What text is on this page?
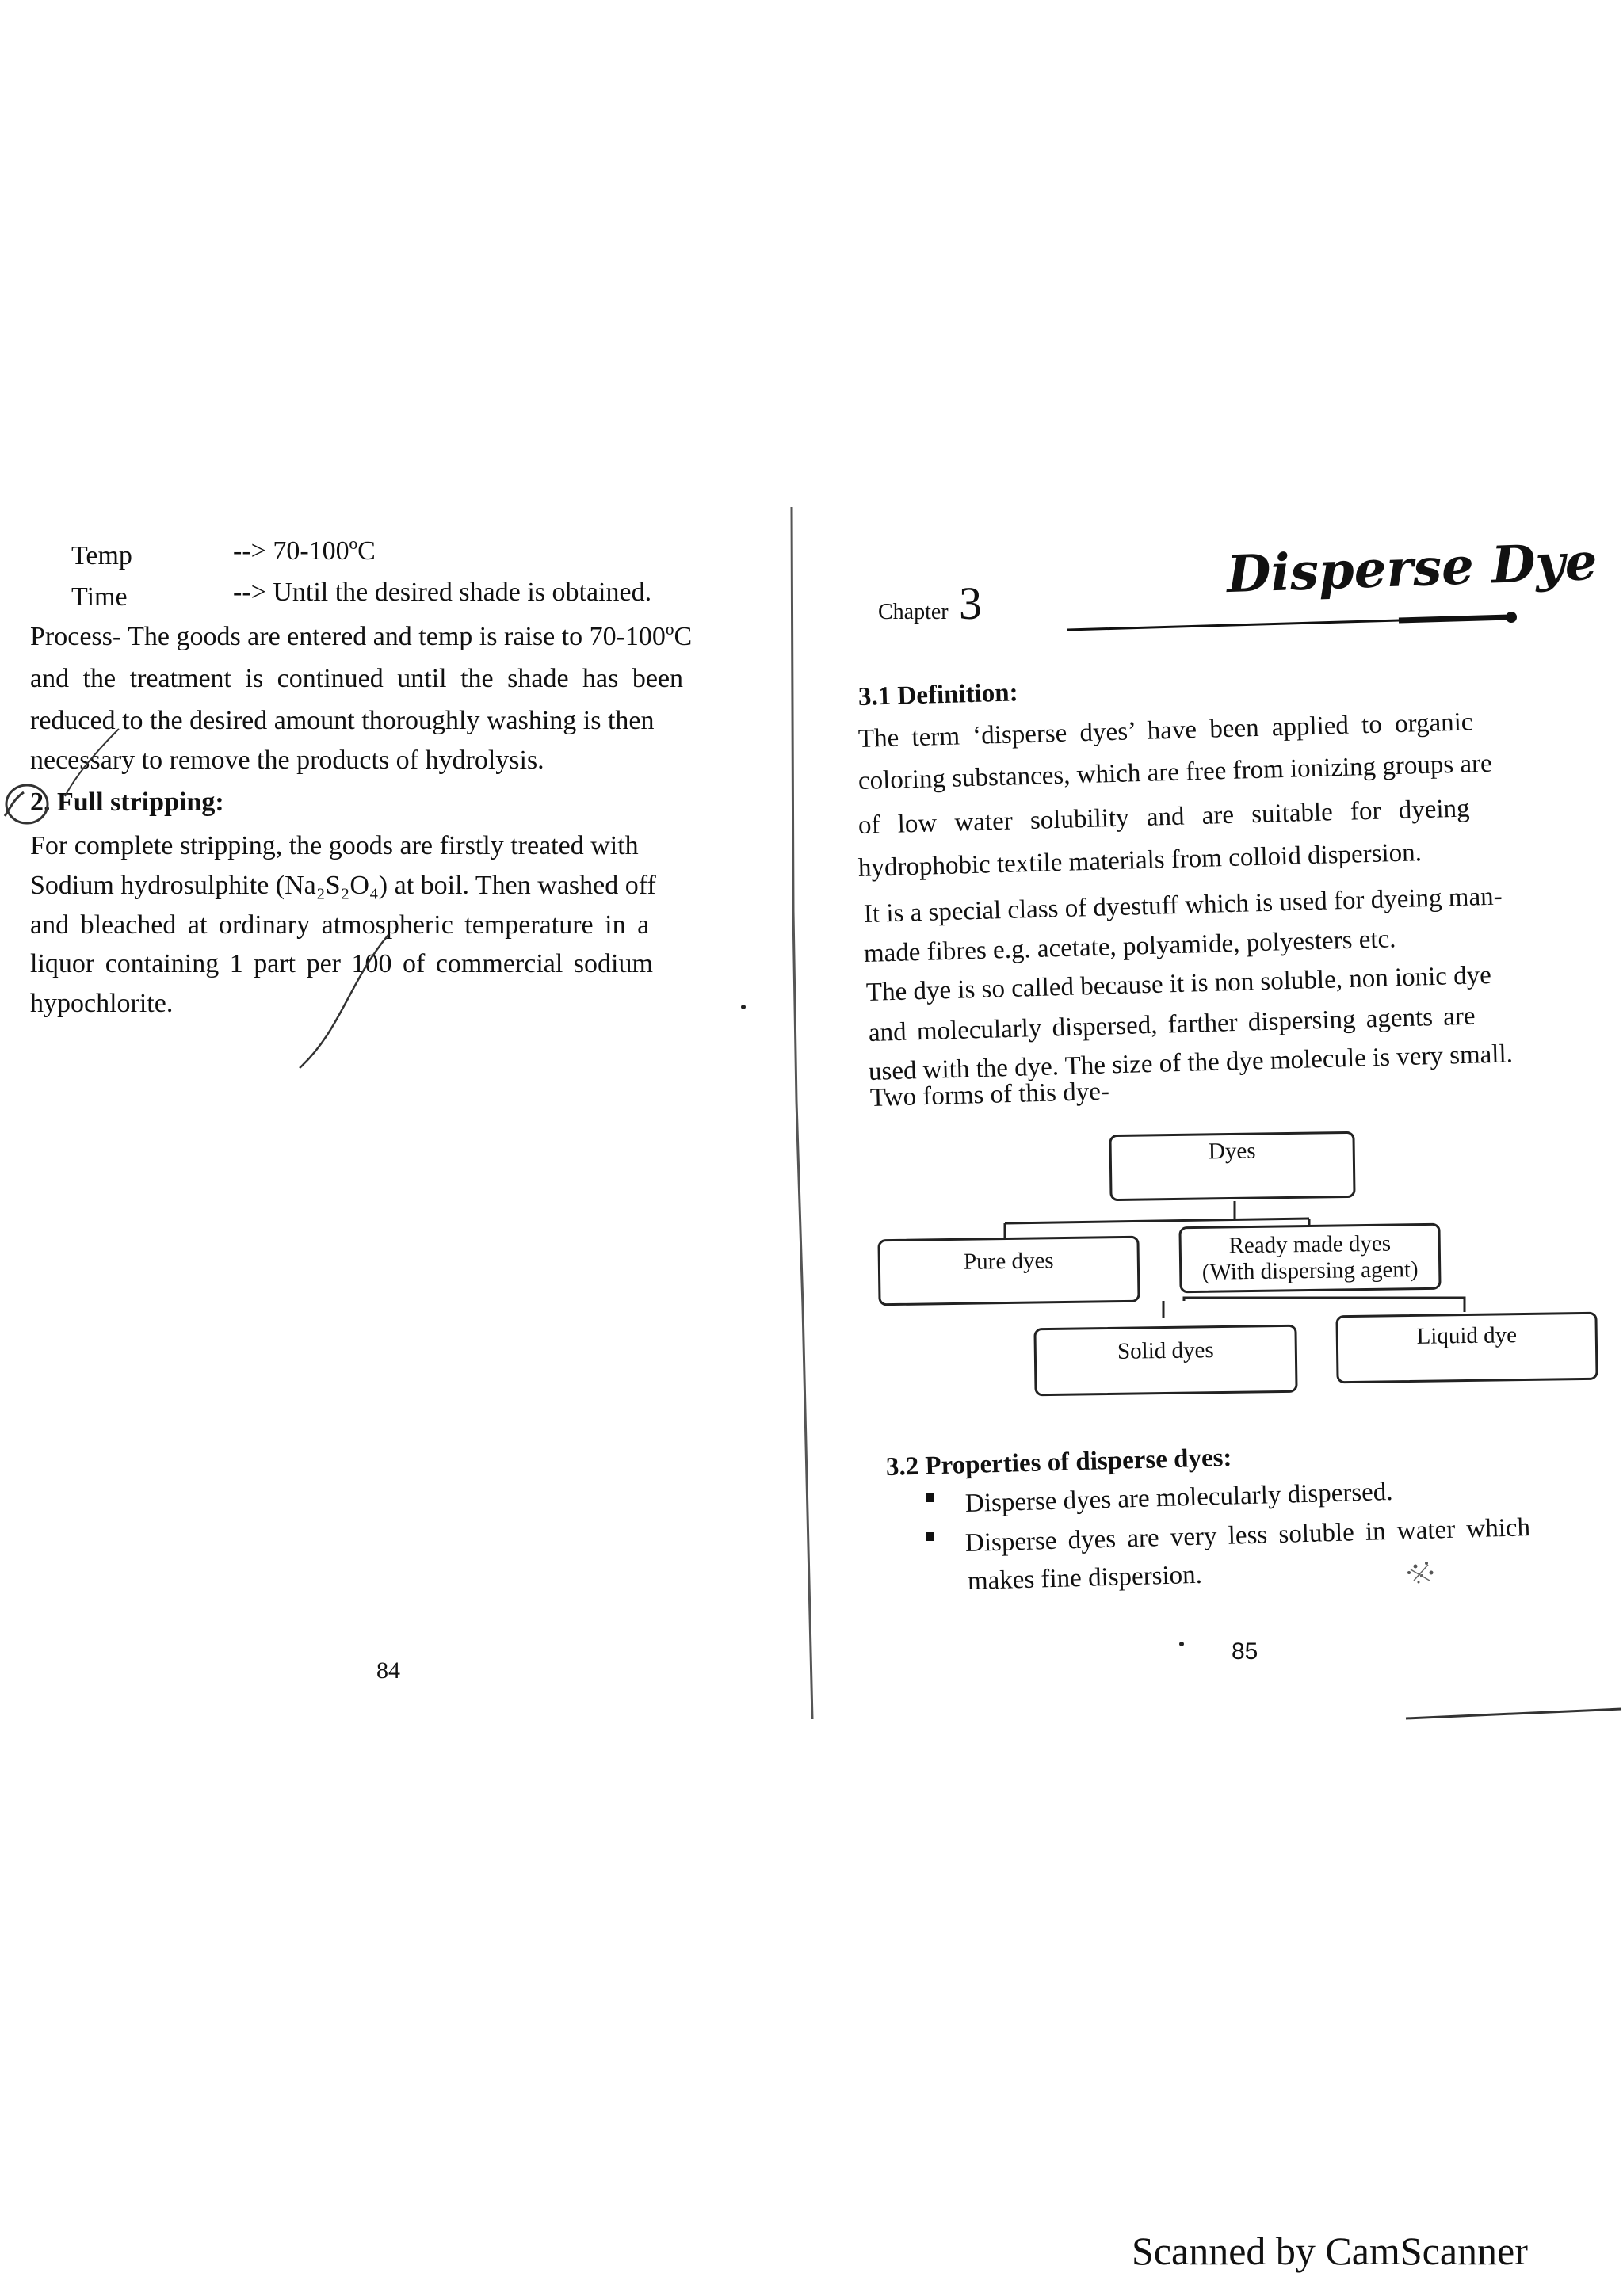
Temp	--> 70-100ºC
Time	--> Until the desired shade is obtained.
Process- The goods are entered and temp is raise to 70-100ºC
and the treatment is continued until the shade has been
reduced to the desired amount thoroughly washing is then
necessary to remove the products of hydrolysis.
2. Full stripping:
For complete stripping, the goods are firstly treated with
Sodium hydrosulphite (Na₂S₂O₄) at boil. Then washed off
and bleached at ordinary atmospheric temperature in a
liquor containing 1 part per 100 of commercial sodium
hypochlorite.
84
Chapter 3	Disperse Dye
3.1 Definition:
The term ‘disperse dyes’ have been applied to organic
coloring substances, which are free from ionizing groups are
of low water solubility and are suitable for dyeing
hydrophobic textile materials from colloid dispersion.
It is a special class of dyestuff which is used for dyeing man-
made fibres e.g. acetate, polyamide, polyesters etc.
The dye is so called because it is non soluble, non ionic dye
and molecularly dispersed, farther dispersing agents are
used with the dye. The size of the dye molecule is very small.
Two forms of this dye-
Dyes
Pure dyes
Ready made dyes
(With dispersing agent)
Solid dyes
Liquid dye
3.2 Properties of disperse dyes:
Disperse dyes are molecularly dispersed.
Disperse dyes are very less soluble in water which
makes fine dispersion.
85
Scanned by CamScanner
